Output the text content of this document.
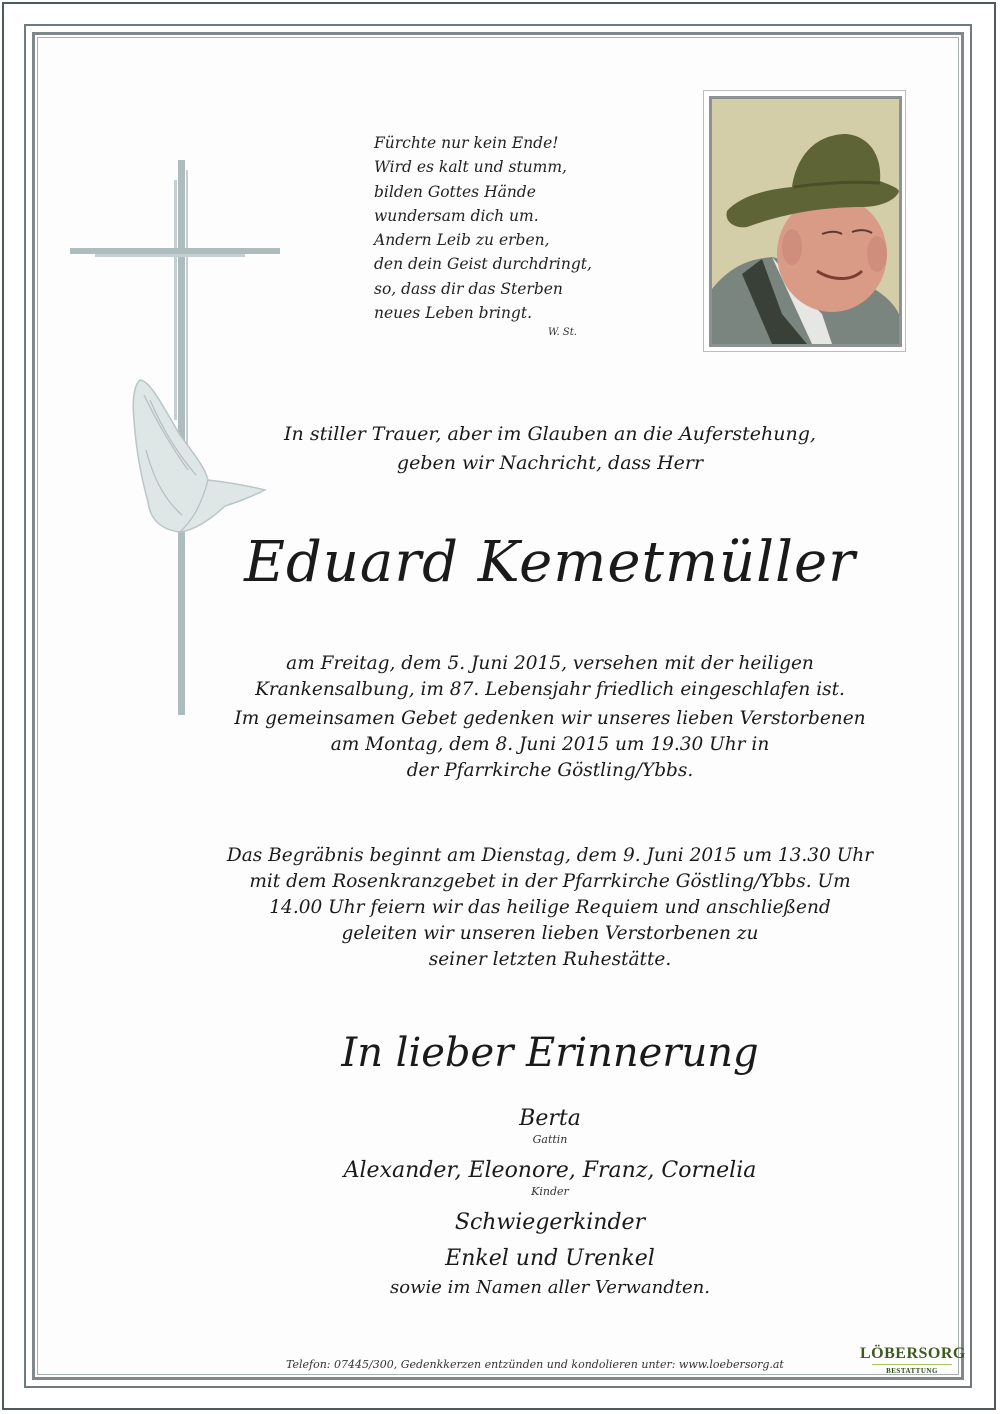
Fürchte nur kein Ende!
Wird es kalt und stumm,
bilden Gottes Hände
wundersam dich um.
Andern Leib zu erben,
den dein Geist durchdringt,
so, dass dir das Sterben
neues Leben bringt.
W. St.
In stiller Trauer, aber im Glauben an die Auferstehung,
geben wir Nachricht, dass Herr
Eduard Kemetmüller
am Freitag, dem 5. Juni 2015, versehen mit der heiligen
Krankensalbung, im 87. Lebensjahr friedlich eingeschlafen ist.
Im gemeinsamen Gebet gedenken wir unseres lieben Verstorbenen
am Montag, dem 8. Juni 2015 um 19.30 Uhr in
der Pfarrkirche Göstling/Ybbs.
Das Begräbnis beginnt am Dienstag, dem 9. Juni 2015 um 13.30 Uhr
mit dem Rosenkranzgebet in der Pfarrkirche Göstling/Ybbs. Um
14.00 Uhr feiern wir das heilige Requiem und anschließend
geleiten wir unseren lieben Verstorbenen zu
seiner letzten Ruhestätte.
In lieber Erinnerung
Berta
Gattin
Alexander, Eleonore, Franz, Cornelia
Kinder
Schwiegerkinder
Enkel und Urenkel
sowie im Namen aller Verwandten.
Telefon: 07445/300, Gedenkkerzen entzünden und kondolieren unter: www.loebersorg.at
LÖBERSORG
BESTATTUNG
